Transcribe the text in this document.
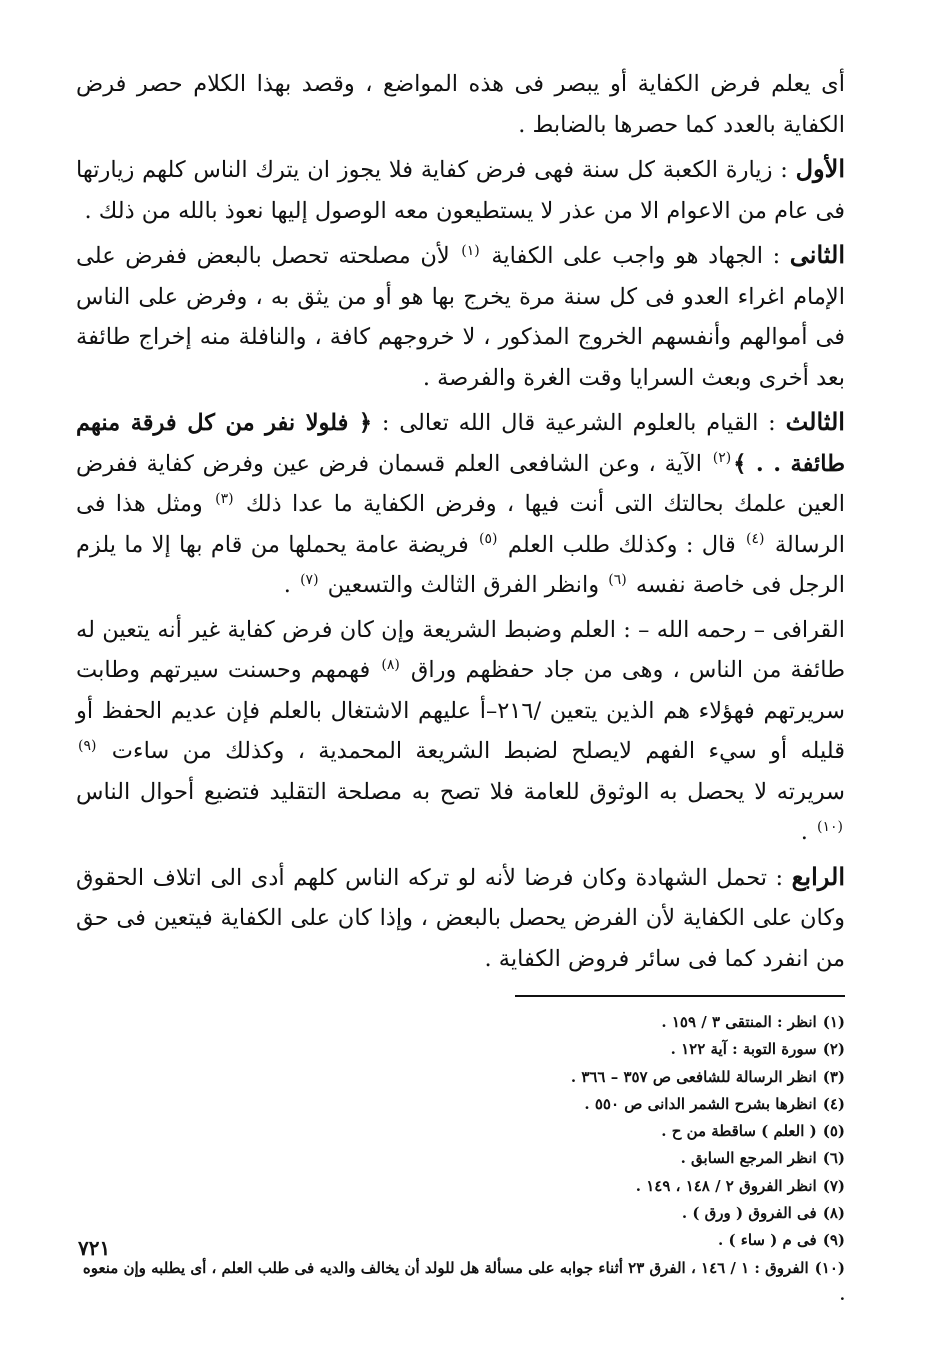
أى يعلم فرض الكفاية أو يبصر فى هذه المواضع ، وقصد بهذا الكلام حصر فرض الكفاية بالعدد كما حصرها بالضابط .

الأول : زيارة الكعبة كل سنة فهى فرض كفاية فلا يجوز ان يترك الناس كلهم زيارتها فى عام من الاعوام الا من عذر لا يستطيعون معه الوصول إليها نعوذ بالله من ذلك .

الثانى : الجهاد هو واجب على الكفاية $^{(١)}$ لأن مصلحته تحصل بالبعض ففرض على الإمام اغراء العدو فى كل سنة مرة يخرج بها هو أو من يثق به ، وفرض على الناس فى أموالهم وأنفسهم الخروج المذكور ، لا خروجهم كافة ، والنافلة منه إخراج طائفة بعد أخرى وبعث السرايا وقت الغرة والفرصة .

الثالث : القيام بالعلوم الشرعية قال الله تعالى : ﴿ فلولا نفر من كل فرقة منهم طائفة . . ﴾$^{(٢)}$ الآية ، وعن الشافعى العلم قسمان فرض عين وفرض كفاية ففرض العين علمك بحالتك التى أنت فيها ، وفرض الكفاية ما عدا ذلك $^{(٣)}$ ومثل هذا فى الرسالة $^{(٤)}$ قال : وكذلك طلب العلم $^{(٥)}$ فريضة عامة يحملها من قام بها إلا ما يلزم الرجل فى خاصة نفسه $^{(٦)}$ وانظر الفرق الثالث والتسعين $^{(٧)}$ .

القرافى – رحمه الله – : العلم وضبط الشريعة وإن كان فرض كفاية غير أنه يتعين له طائفة من الناس ، وهى من جاد حفظهم وراق $^{(٨)}$ فهمهم وحسنت سيرتهم وطابت سريرتهم فهؤلاء هم الذين يتعين /٢١٦–أ عليهم الاشتغال بالعلم فإن عديم الحفظ أو قليله أو سيء الفهم لايصلح لضبط الشريعة المحمدية ، وكذلك من ساءت $^{(٩)}$ سريرته لا يحصل به الوثوق للعامة فلا تصح به مصلحة التقليد فتضيع أحوال الناس $^{(١٠)}$ .

الرابع : تحمل الشهادة وكان فرضا لأنه لو تركه الناس كلهم أدى الى اتلاف الحقوق وكان على الكفاية لأن الفرض يحصل بالبعض ، وإذا كان على الكفاية فيتعين فى حق من انفرد كما فى سائر فروض الكفاية .

(١)انظر : المنتقى ٣ / ١٥٩ .

(٢)سورة التوبة : آية ١٢٢ .

(٣)انظر الرسالة للشافعى ص ٣٥٧ – ٣٦٦ .

(٤)انظرها بشرح الشمر الدانى ص ٥٥٠ .

(٥)( العلم ) ساقطة من ح .

(٦)انظر المرجع السابق .

(٧)انظر الفروق ٢ / ١٤٨ ، ١٤٩ .

(٨)فى الفروق ( ورق ) .

(٩)فى م ( ساء ) .

(١٠)الفروق : ١ / ١٤٦ ، الفرق ٢٣ أثناء جوابه على مسألة هل للولد أن يخالف والديه فى طلب العلم ، أى يطلبه وإن منعوه .

٧٢١
